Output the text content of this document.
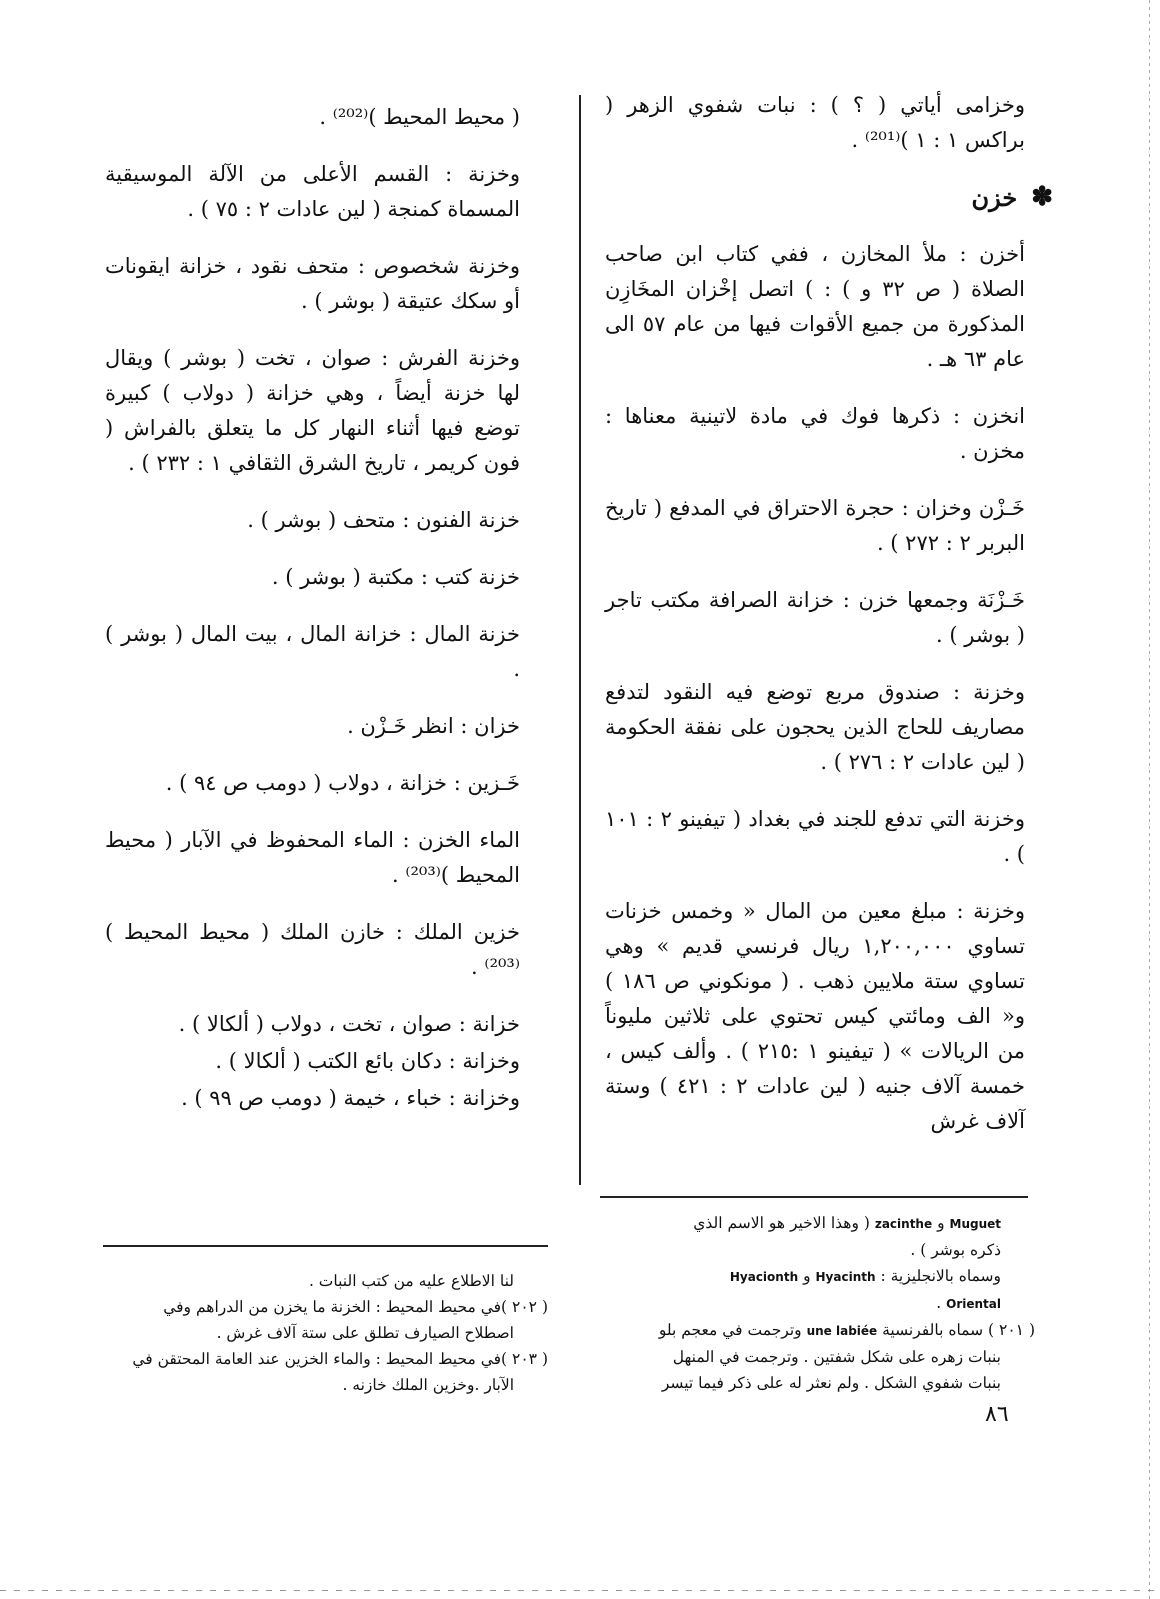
وخزامى أياتي ( ؟ ) : نبات شفوي الزهر ( براكس ١ : ١ )⁽²⁰¹⁾ .

✽
خزن

أخزن : ملأ المخازن ، ففي كتاب ابن صاحب الصلاة ( ص ٣٢ و ) : ) اتصل إخْزان المخَازِن المذكورة من جميع الأقوات فيها من عام ٥٧ الى عام ٦٣ هـ .

انخزن : ذكرها فوك في مادة لاتينية معناها : مخزن .

خَـزْن وخزان : حجرة الاحتراق في المدفع ( تاريخ البربر ٢ : ٢٧٢ ) .

خَـزْنَة وجمعها خزن : خزانة الصرافة مكتب تاجر ( بوشر ) .

وخزنة : صندوق مربع توضع فيه النقود لتدفع مصاريف للحاج الذين يحجون على نفقة الحكومة ( لين عادات ٢ : ٢٧٦ ) .

وخزنة التي تدفع للجند في بغداد ( تيفينو ٢ : ١٠١ ) .

وخزنة : مبلغ معين من المال « وخمس خزنات تساوي ١,٢٠٠,٠٠٠ ريال فرنسي قديم » وهي تساوي ستة ملايين ذهب . ( مونكوني ص ١٨٦ ) و« الف ومائتي كيس تحتوي على ثلاثين مليوناً من الريالات » ( تيفينو ١ :٢١٥ ) . وألف كيس ، خمسة آلاف جنيه ( لين عادات ٢ : ٤٢١ ) وستة آلاف غرش

( محيط المحيط )⁽²⁰²⁾ .

وخزنة : القسم الأعلى من الآلة الموسيقية المسماة كمنجة ( لين عادات ٢ : ٧٥ ) .

وخزنة شخصوص : متحف نقود ، خزانة ايقونات أو سكك عتيقة ( بوشر ) .

وخزنة الفرش : صوان ، تخت ( بوشر ) ويقال لها خزنة أيضاً ، وهي خزانة ( دولاب ) كبيرة توضع فيها أثناء النهار كل ما يتعلق بالفراش ( فون كريمر ، تاريخ الشرق الثقافي ١ : ٢٣٢ ) .

خزنة الفنون : متحف ( بوشر ) .

خزنة كتب : مكتبة ( بوشر ) .

خزنة المال : خزانة المال ، بيت المال ( بوشر ) .

خزان : انظر خَـزْن .

خَـزين : خزانة ، دولاب ( دومب ص ٩٤ ) .

الماء الخزن : الماء المحفوظ في الآبار ( محيط المحيط )⁽²⁰³⁾ .

خزين الملك : خازن الملك ( محيط المحيط )⁽²⁰³⁾ .

خزانة : صوان ، تخت ، دولاب ( ألكالا ) .

وخزانة : دكان بائع الكتب ( ألكالا ) .

وخزانة : خباء ، خيمة ( دومب ص ٩٩ ) .

Muguet و zacinthe ( وهذا الاخير هو الاسم الذي

ذكره بوشر ) .

وسماه بالانجليزية : Hyacinth و Hyacionth

Oriental .

( ٢٠١ ) سماه بالفرنسية une labiée وترجمت في معجم بلو

بنبات زهره على شكل شفتين . وترجمت في المنهل

بنبات شفوي الشكل . ولم نعثر له على ذكر فيما تيسر

لنا الاطلاع عليه من كتب النبات .

( ٢٠٢ )في محيط المحيط : الخزنة ما يخزن من الدراهم وفي

اصطلاح الصيارف تطلق على ستة آلاف غرش .

( ٢٠٣ )في محيط المحيط : والماء الخزين عند العامة المحتقن في

الآبار .وخزين الملك خازنه .

٨٦
